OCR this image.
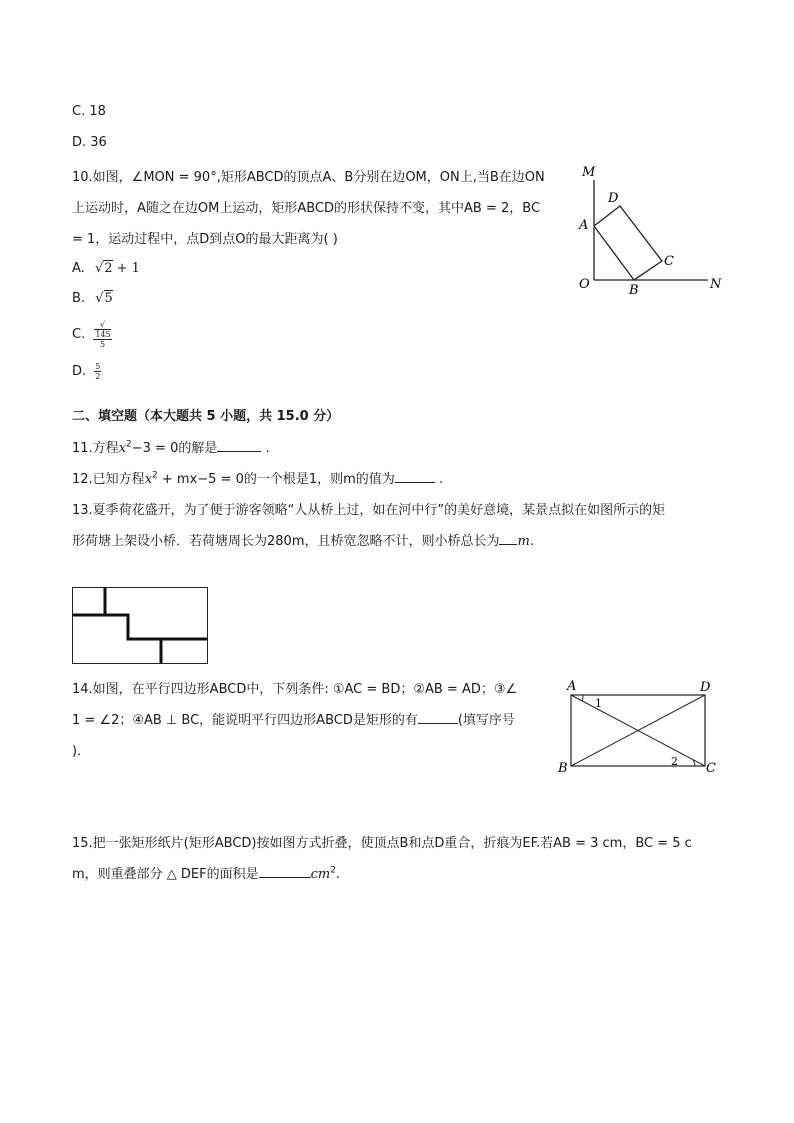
C. 18
D. 36
10.如图，∠MON = 90°,矩形ABCD的顶点A、B分别在边OM，ON上,当B在边ON
上运动时，A随之在边OM上运动，矩形ABCD的形状保持不变，其中AB = 2，BC
= 1，运动过程中，点D到点O的最大距离为( )
A. √2 + 1
B. √5
C. √
145
5
D. $\frac{5}{2}$
M
D
A
C
O	B	N
二、填空题（本大题共 5 小题，共 15.0 分）
11.方程$x^2-3 = 0$的解是	.
12.已知方程$x^2 + mx-5 = 0$的一个根是1，则m的值为	.
13.夏季荷花盛开，为了便于游客领略“人从桥上过，如在河中行”的美好意境，某景点拟在如图所示的矩
形荷塘上架设小桥．若荷塘周长为280m，且桥宽忽略不计，则小桥总长为 m.
14.如图，在平行四边形ABCD中，下列条件: ①AC = BD；②AB = AD；③∠
1 = ∠2；④AB ⊥ BC，能说明平行四边形ABCD是矩形的有	(填写序号
)．
A	D
B	C
1
2
15.把一张矩形纸片(矩形ABCD)按如图方式折叠，使顶点B和点D重合，折痕为EF.若AB = 3 cm，BC = 5 c
m，则重叠部分 △ DEF的面积是	$cm^2$.
